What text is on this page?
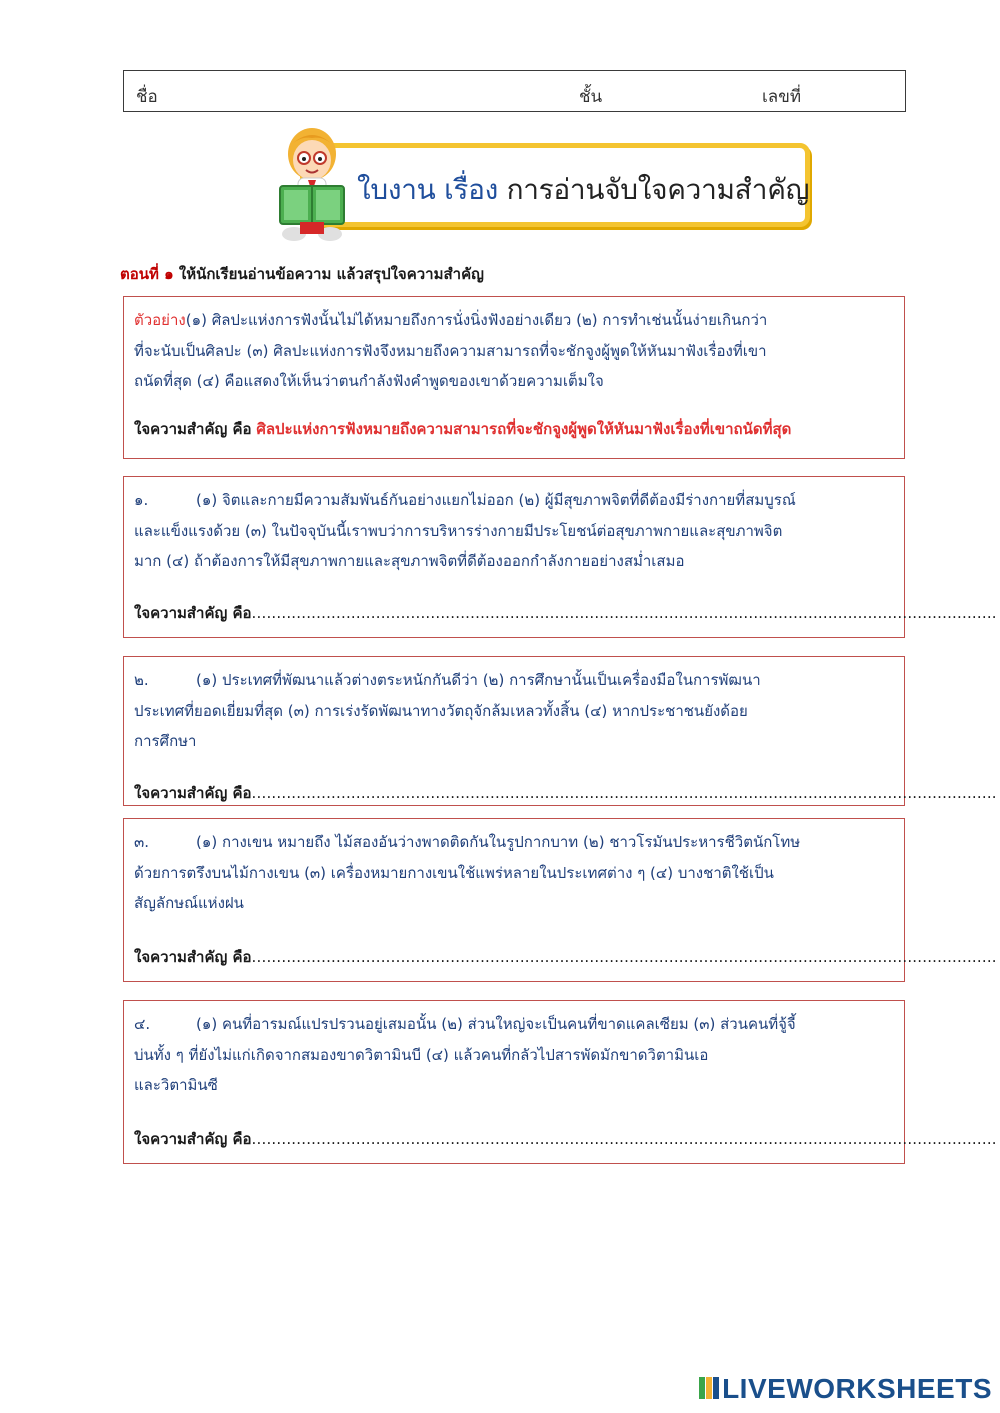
ชื่อ	ชั้น	เลขที่
ใบงาน เรื่อง การอ่านจับใจความสำคัญ
ตอนที่ ๑ ให้นักเรียนอ่านข้อความ แล้วสรุปใจความสำคัญ

ตัวอย่าง(๑) ศิลปะแห่งการฟังนั้นไม่ได้หมายถึงการนั่งนิ่งฟังอย่างเดียว (๒) การทำเช่นนั้นง่ายเกินกว่า
ที่จะนับเป็นศิลปะ (๓) ศิลปะแห่งการฟังจึงหมายถึงความสามารถที่จะชักจูงผู้พูดให้หันมาฟังเรื่องที่เขา
ถนัดที่สุด (๔) คือแสดงให้เห็นว่าตนกำลังฟังคำพูดของเขาด้วยความเต็มใจ

ใจความสำคัญ คือ ศิลปะแห่งการฟังหมายถึงความสามารถที่จะชักจูงผู้พูดให้หันมาฟังเรื่องที่เขาถนัดที่สุด

๑.	(๑) จิตและกายมีความสัมพันธ์กันอย่างแยกไม่ออก (๒) ผู้มีสุขภาพจิตที่ดีต้องมีร่างกายที่สมบูรณ์
และแข็งแรงด้วย (๓) ในปัจจุบันนี้เราพบว่าการบริหารร่างกายมีประโยชน์ต่อสุขภาพกายและสุขภาพจิต
มาก (๔) ถ้าต้องการให้มีสุขภาพกายและสุขภาพจิตที่ดีต้องออกกำลังกายอย่างสม่ำเสมอ

ใจความสำคัญ คือ......................................................................................................................................................

๒.	(๑) ประเทศที่พัฒนาแล้วต่างตระหนักกันดีว่า (๒) การศึกษานั้นเป็นเครื่องมือในการพัฒนา
ประเทศที่ยอดเยี่ยมที่สุด (๓) การเร่งรัดพัฒนาทางวัตถุจักล้มเหลวทั้งสิ้น (๔) หากประชาชนยังด้อย
การศึกษา

ใจความสำคัญ คือ......................................................................................................................................................

๓.	(๑) กางเขน หมายถึง ไม้สองอันว่างพาดติดกันในรูปกากบาท (๒) ชาวโรมันประหารชีวิตนักโทษ
ด้วยการตรึงบนไม้กางเขน (๓) เครื่องหมายกางเขนใช้แพร่หลายในประเทศต่าง ๆ (๔) บางชาติใช้เป็น
สัญลักษณ์แห่งฝน

ใจความสำคัญ คือ......................................................................................................................................................

๔.	(๑) คนที่อารมณ์แปรปรวนอยู่เสมอนั้น (๒) ส่วนใหญ่จะเป็นคนที่ขาดแคลเซียม (๓) ส่วนคนที่จู้จี้
บ่นทั้ง ๆ ที่ยังไม่แก่เกิดจากสมองขาดวิตามินบี (๔) แล้วคนที่กลัวไปสารพัดมักขาดวิตามินเอ
และวิตามินซี

ใจความสำคัญ คือ......................................................................................................................................................
LIVEWORKSHEETS
